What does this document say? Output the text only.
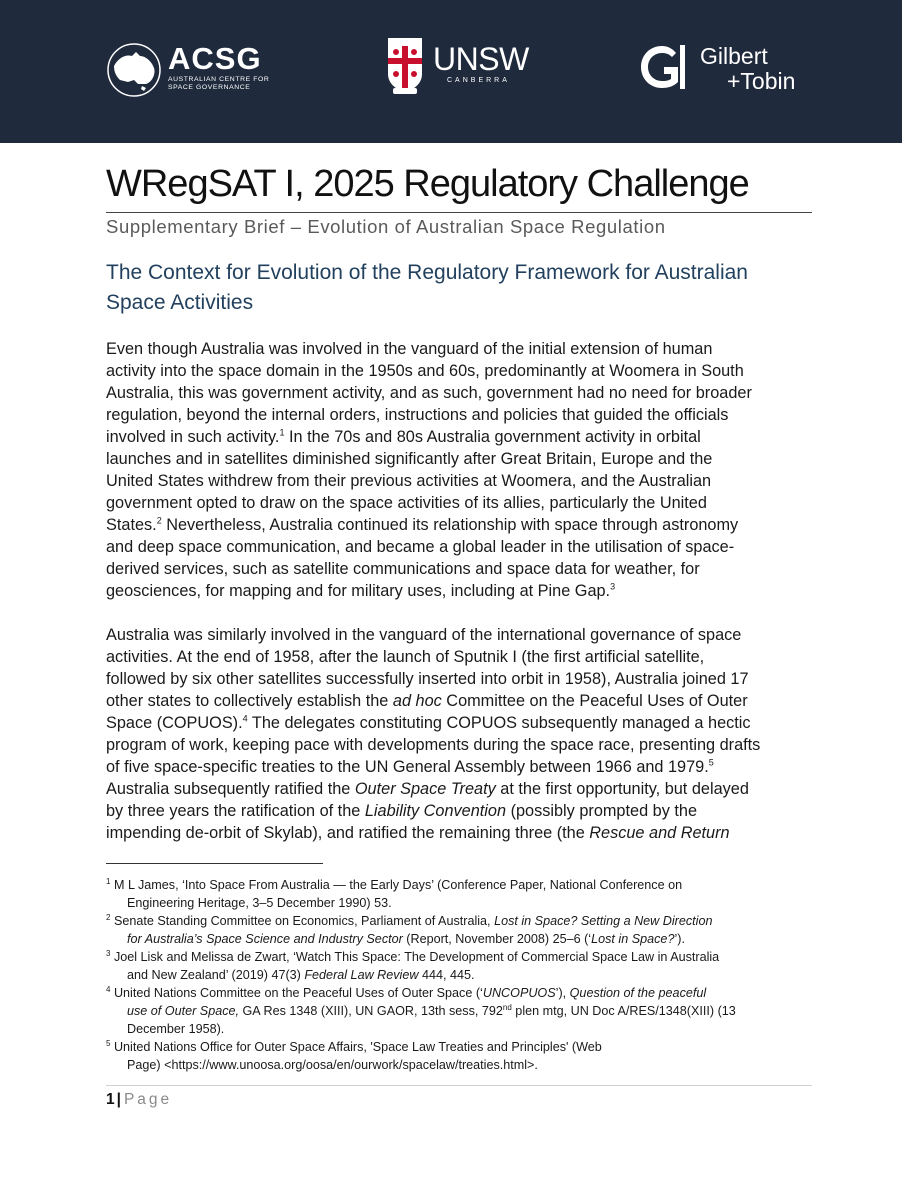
ACSG
AUSTRALIAN CENTRE FOR
SPACE GOVERNANCE
UNSW
CANBERRA
Gilbert
+Tobin
WRegSAT I, 2025 Regulatory Challenge
Supplementary Brief – Evolution of Australian Space Regulation
The Context for Evolution of the Regulatory Framework for Australian
Space Activities
Even though Australia was involved in the vanguard of the initial extension of human
activity into the space domain in the 1950s and 60s, predominantly at Woomera in South
Australia, this was government activity, and as such, government had no need for broader
regulation, beyond the internal orders, instructions and policies that guided the officials
involved in such activity.$^1$ In the 70s and 80s Australia government activity in orbital
launches and in satellites diminished significantly after Great Britain, Europe and the
United States withdrew from their previous activities at Woomera, and the Australian
government opted to draw on the space activities of its allies, particularly the United
States.$^2$ Nevertheless, Australia continued its relationship with space through astronomy
and deep space communication, and became a global leader in the utilisation of space-
derived services, such as satellite communications and space data for weather, for
geosciences, for mapping and for military uses, including at Pine Gap.$^3$
Australia was similarly involved in the vanguard of the international governance of space
activities. At the end of 1958, after the launch of Sputnik I (the first artificial satellite,
followed by six other satellites successfully inserted into orbit in 1958), Australia joined 17
other states to collectively establish the ad hoc Committee on the Peaceful Uses of Outer
Space (COPUOS).$^4$ The delegates constituting COPUOS subsequently managed a hectic
program of work, keeping pace with developments during the space race, presenting drafts
of five space-specific treaties to the UN General Assembly between 1966 and 1979.$^5$
Australia subsequently ratified the Outer Space Treaty at the first opportunity, but delayed
by three years the ratification of the Liability Convention (possibly prompted by the
impending de-orbit of Skylab), and ratified the remaining three (the Rescue and Return
$^1$ M L James, ‘Into Space From Australia — the Early Days’ (Conference Paper, National Conference on
Engineering Heritage, 3–5 December 1990) 53.
$^2$ Senate Standing Committee on Economics, Parliament of Australia, Lost in Space? Setting a New Direction
for Australia’s Space Science and Industry Sector (Report, November 2008) 25–6 (‘Lost in Space?’).
$^3$ Joel Lisk and Melissa de Zwart, ‘Watch This Space: The Development of Commercial Space Law in Australia
and New Zealand’ (2019) 47(3) Federal Law Review 444, 445.
$^4$ United Nations Committee on the Peaceful Uses of Outer Space (‘UNCOPUOS’), Question of the peaceful
use of Outer Space, GA Res 1348 (XIII), UN GAOR, 13th sess, 792nd plen mtg, UN Doc A/RES/1348(XIII) (13
December 1958).
$^5$ United Nations Office for Outer Space Affairs, 'Space Law Treaties and Principles' (Web
Page) <https://www.unoosa.org/oosa/en/ourwork/spacelaw/treaties.html>.
1 | Page
